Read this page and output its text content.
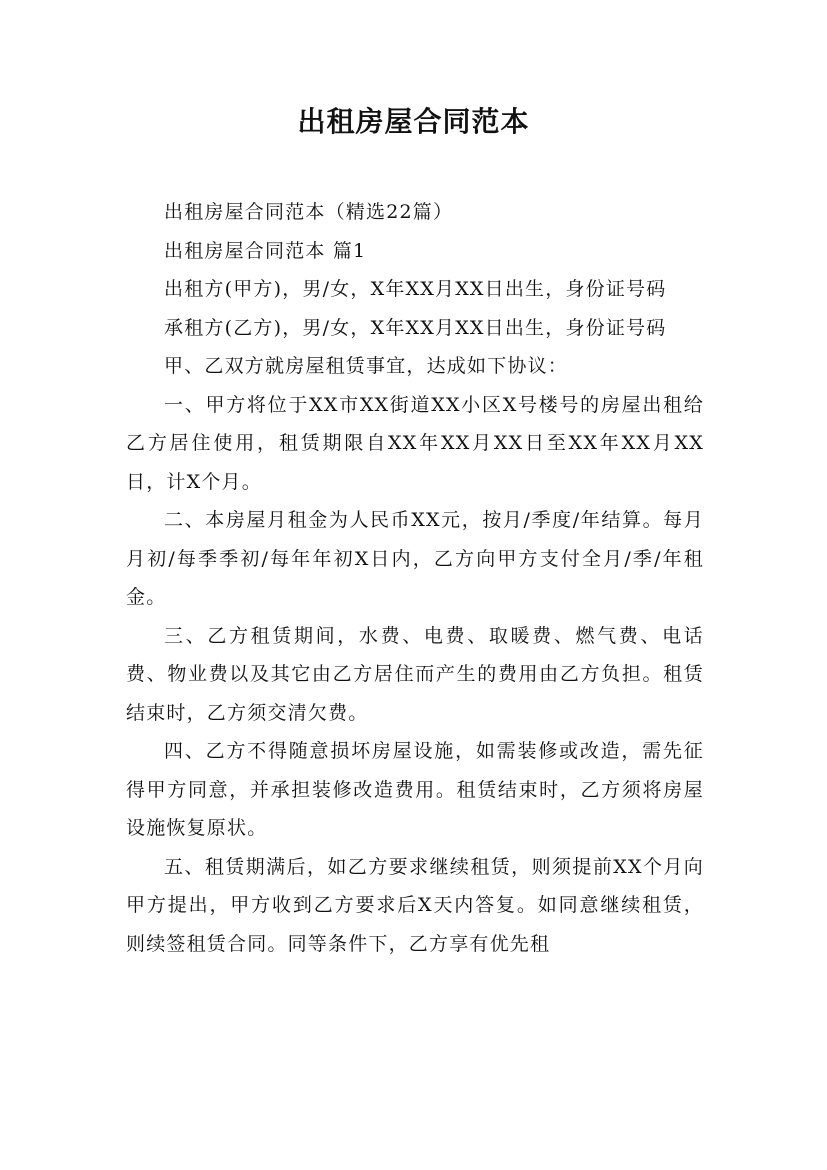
出租房屋合同范本

出租房屋合同范本（精选22篇）

出租房屋合同范本 篇1

出租方(甲方)，男/女，X年XX月XX日出生，身份证号码

承租方(乙方)，男/女，X年XX月XX日出生，身份证号码

甲、乙双方就房屋租赁事宜，达成如下协议：

一、甲方将位于XX市XX街道XX小区X号楼号的房屋出租给乙方居住使用，租赁期限自XX年XX月XX日至XX年XX月XX日，计X个月。

二、本房屋月租金为人民币XX元，按月/季度/年结算。每月月初/每季季初/每年年初X日内，乙方向甲方支付全月/季/年租金。

三、乙方租赁期间，水费、电费、取暖费、燃气费、电话费、物业费以及其它由乙方居住而产生的费用由乙方负担。租赁结束时，乙方须交清欠费。

四、乙方不得随意损坏房屋设施，如需装修或改造，需先征得甲方同意，并承担装修改造费用。租赁结束时，乙方须将房屋设施恢复原状。

五、租赁期满后，如乙方要求继续租赁，则须提前XX个月向甲方提出，甲方收到乙方要求后X天内答复。如同意继续租赁，则续签租赁合同。同等条件下，乙方享有优先租
